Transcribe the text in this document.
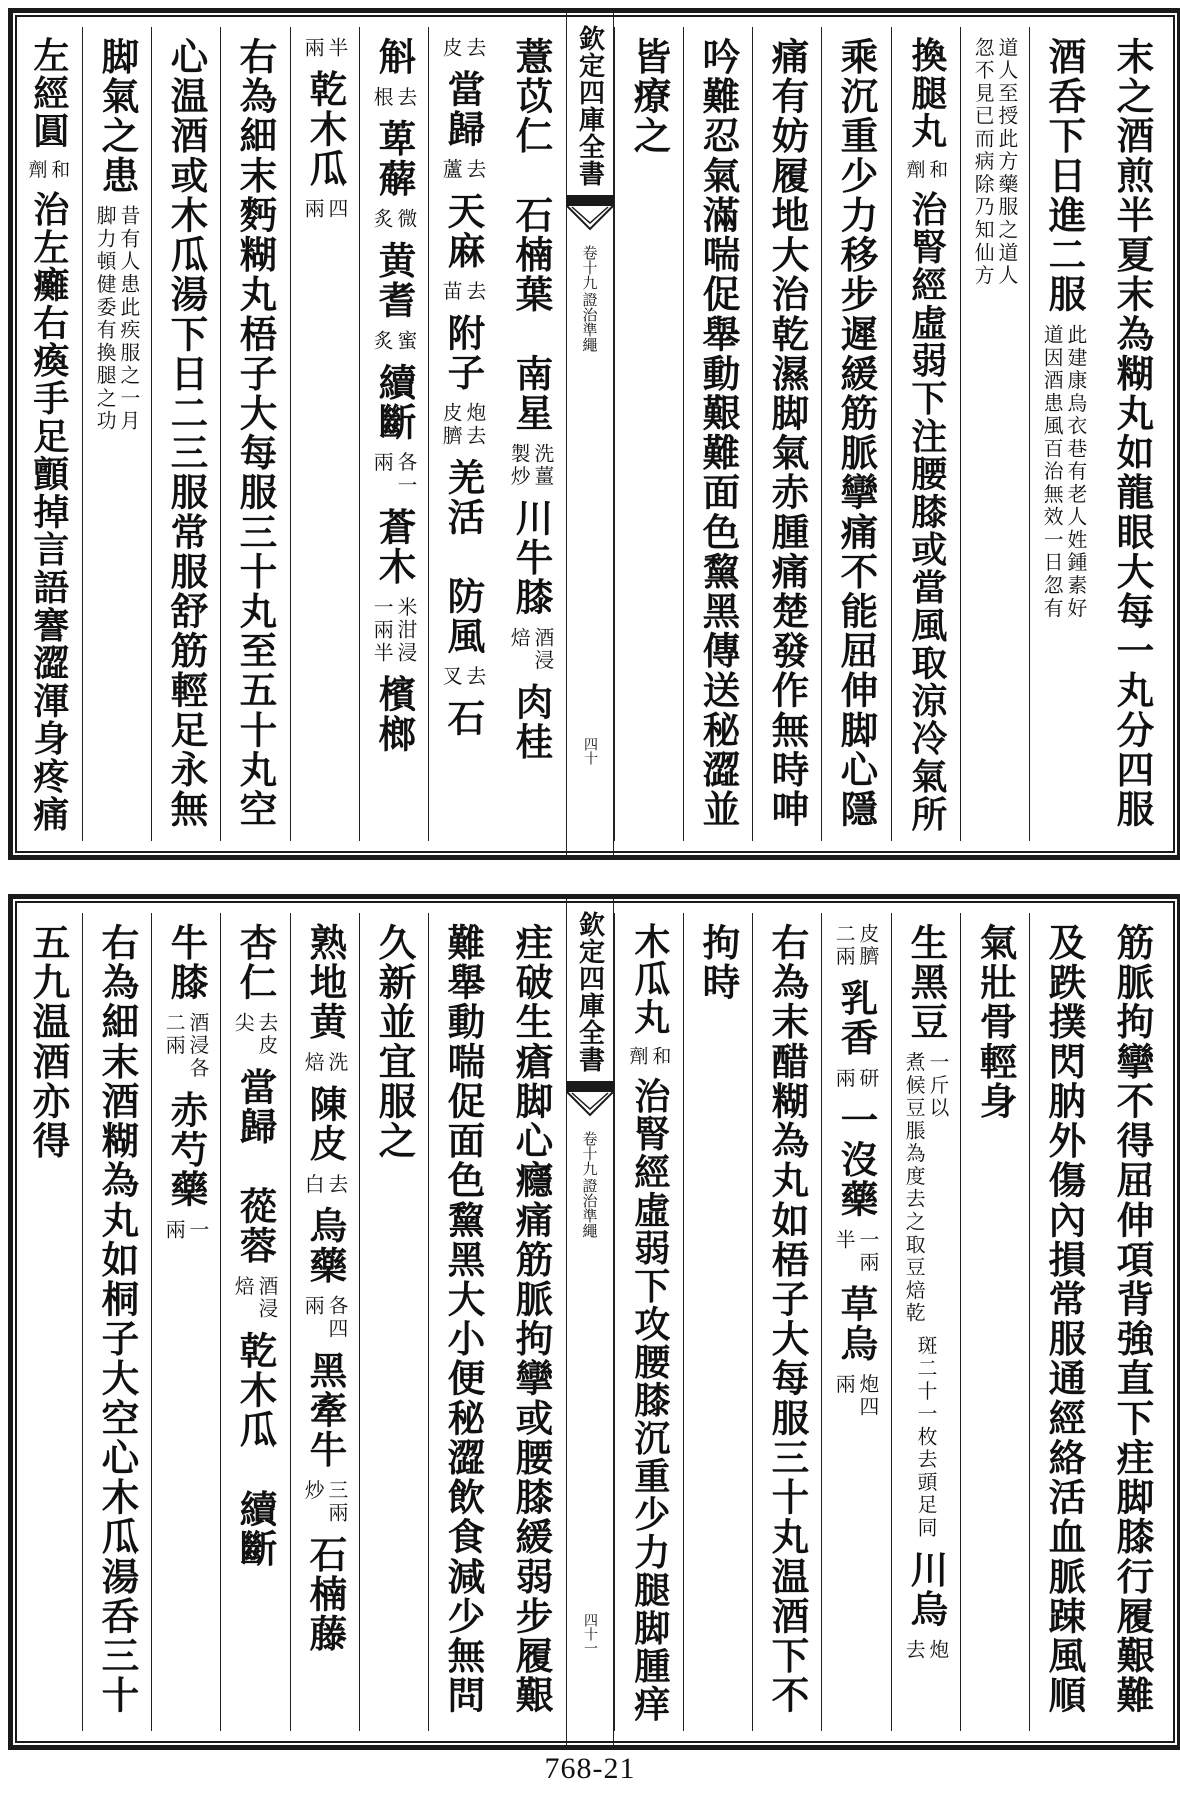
末之酒煎半夏末為糊丸如龍眼大每一丸分四服
酒呑下日進二服
此建康烏衣巷有老人姓鍾素好
道因酒患風百治無效一日忽有
道人至授此方藥服之道人
忽不見已而病除乃知仙方
換腿丸
和
劑
治腎經虛弱下注腰膝或當風取涼冷氣所
乘沉重少力移步遲緩筋脈攣痛不能屈伸脚心隱
痛有妨履地大治乾濕脚氣赤腫痛楚發作無時呻
吟難忍氣滿喘促舉動艱難面色黧黑傳送秘澀並
皆療之
欽定四庫全書
證治準繩
卷十九
四十
薏苡仁　石楠葉　南星
洗薑
製炒
川牛膝
酒浸
焙
肉桂
去
皮
當歸
去
蘆
天麻
去
苗
附子
炮去
皮臍
羌活　防風
去
叉
石
斛
去
根
萆薢
微
炙
黄耆
蜜
炙
續斷
各一
兩
蒼木
米泔浸
一兩半
檳榔
半
兩
乾木瓜
四
兩
右為細末麪糊丸梧子大每服三十丸至五十丸空
心温酒或木瓜湯下日二三服常服舒筋輕足永無
脚氣之患
昔有人患此疾服之一月
脚力頓健委有換腿之功
左經圓
和
劑
治左癱右瘓手足顫掉言語謇澀渾身疼痛
筋脈拘攣不得屈伸項背強直下疰脚膝行履艱難
及跌撲閃肭外傷內損常服通經絡活血脈踈風順
氣壯骨輕身
生黑豆
一斤以
煮候豆脹為度去之取豆焙乾
斑二十一枚去頭足同
川烏
炮
去
皮臍
二兩
乳香
研
兩
一沒藥
一兩
半
草烏
炮四
兩
右為末醋糊為丸如梧子大每服三十丸温酒下不
拘時
木瓜丸
和
劑
治腎經虛弱下攻腰膝沉重少力腿脚腫痒
欽定四庫全書
證治準繩
卷十九
四十一
疰破生瘡脚心癮痛筋脈拘攣或腰膝緩弱步履艱
難舉動喘促面色黧黑大小便秘澀飲食減少無問
久新並宜服之
熟地黄
洗
焙
陳皮
去
白
烏藥
各四
兩
黑牽牛
三兩
炒
石楠藤
杏仁
去皮
尖
當歸　蓯蓉
酒浸
焙
乾木瓜　續斷
牛膝
酒浸各
二兩
赤芍藥
一
兩
右為細末酒糊為丸如桐子大空心木瓜湯呑三十
五九温酒亦得
768-21
